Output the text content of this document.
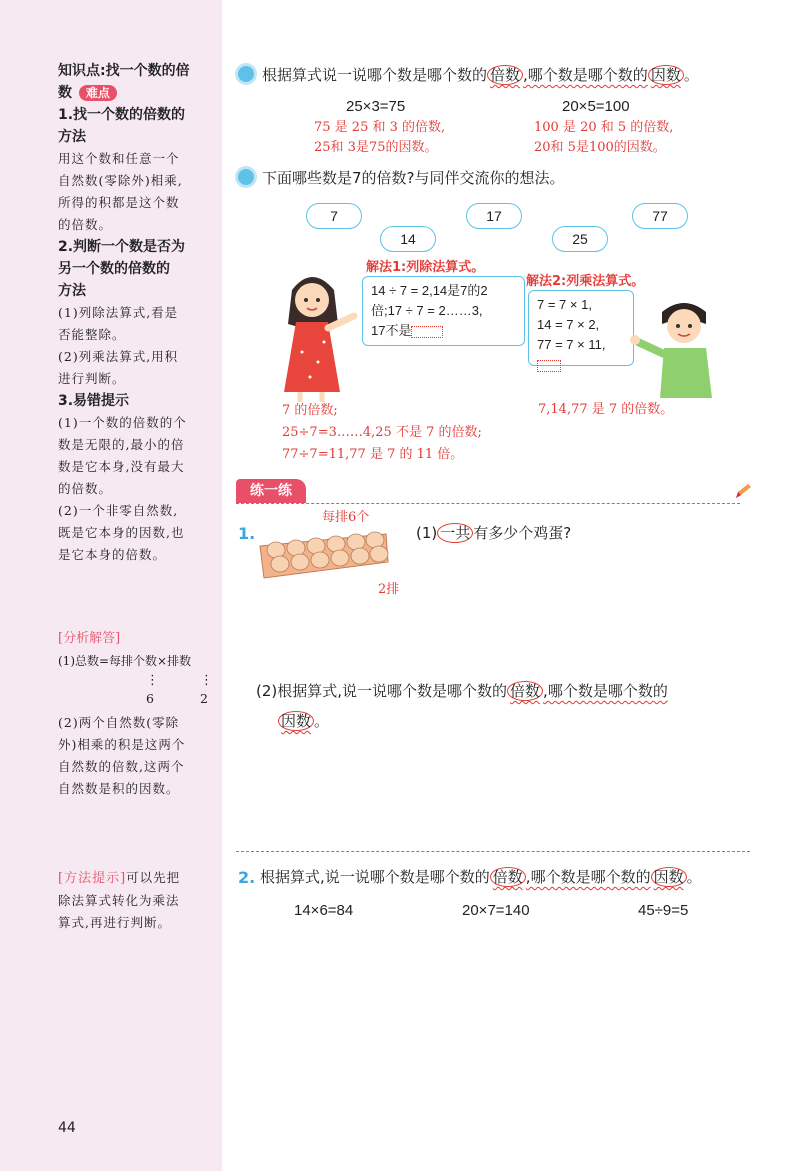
知识点:找一个数的倍
数 难点
1.找一个数的倍数的
方法
用这个数和任意一个
自然数(零除外)相乘,
所得的积都是这个数
的倍数。
2.判断一个数是否为
另一个数的倍数的
方法
(1)列除法算式,看是
否能整除。
(2)列乘法算式,用积
进行判断。
3.易错提示
(1)一个数的倍数的个
数是无限的,最小的倍
数是它本身,没有最大
的倍数。
(2)一个非零自然数,
既是它本身的因数,也
是它本身的倍数。
[分析解答]
(1)总数=每排个数×排数
⋮	⋮
6	2
(2)两个自然数(零除
外)相乘的积是这两个
自然数的倍数,这两个
自然数是积的因数。
[方法提示]可以先把
除法算式转化为乘法
算式,再进行判断。
44
根据算式说一说哪个数是哪个数的 倍数 ,哪个数是哪个数的 因数 。
25×3=75
75 是 25 和 3 的倍数,
25和 3是75的因数。
20×5=100
100 是 20 和 5 的倍数,
20和 5是100的因数。
下面哪些数是7的倍数?与同伴交流你的想法。
7	17	77
14	25
解法1:列除法算式。
14 ÷ 7 = 2,14是7的2
倍;17 ÷ 7 = 2……3,
17不是
解法2:列乘法算式。
7 = 7 × 1,
14 = 7 × 2,
77 = 7 × 11,
7 的倍数;
25÷7=3……4,25 不是 7 的倍数;
77÷7=11,77 是 7 的 11 倍。
7,14,77 是 7 的倍数。
练一练
1.
每排6个
2排
(1) 一共 有多少个鸡蛋?
(2)根据算式,说一说哪个数是哪个数的 倍数 ,哪个数是哪个数的
因数 。
2. 根据算式,说一说哪个数是哪个数的 倍数 ,哪个数是哪个数的 因数 。
14×6=84	20×7=140	45÷9=5
